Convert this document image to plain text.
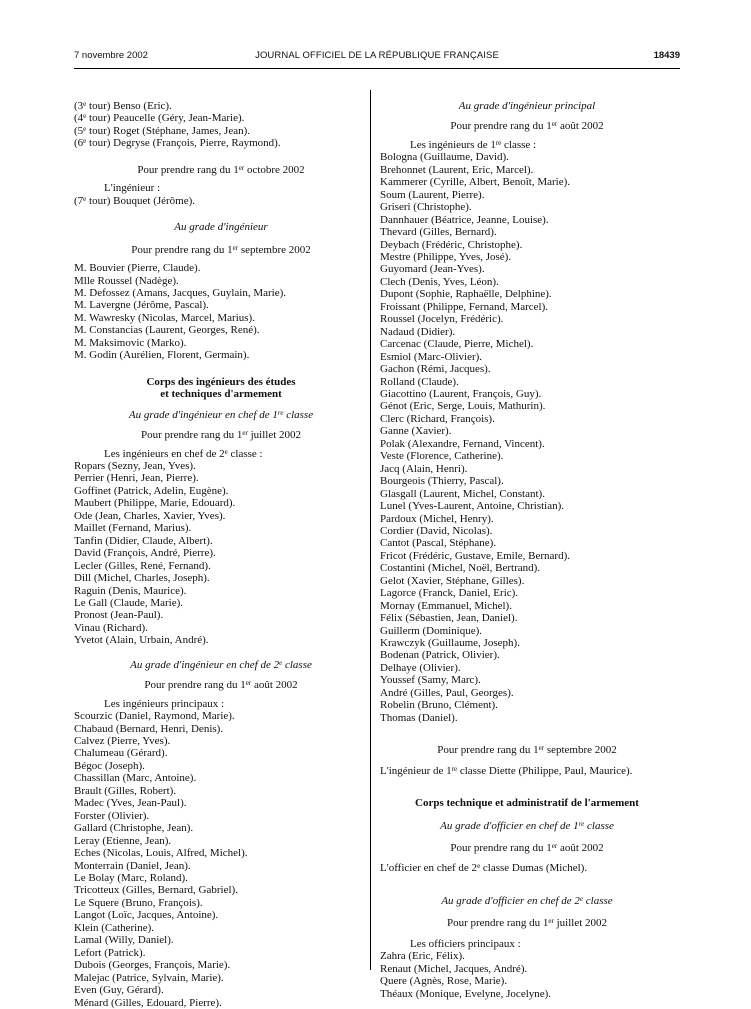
7 novembre 2002	JOURNAL OFFICIEL DE LA RÉPUBLIQUE FRANÇAISE	18439
(3e tour) Benso (Eric).
(4e tour) Peaucelle (Géry, Jean-Marie).
(5e tour) Roget (Stéphane, James, Jean).
(6e tour) Degryse (François, Pierre, Raymond).
Pour prendre rang du 1er octobre 2002
L'ingénieur :
(7e tour) Bouquet (Jérôme).
Au grade d'ingénieur
Pour prendre rang du 1er septembre 2002
M. Bouvier (Pierre, Claude).
Mlle Roussel (Nadège).
M. Defossez (Amans, Jacques, Guylain, Marie).
M. Lavergne (Jérôme, Pascal).
M. Wawresky (Nicolas, Marcel, Marius).
M. Constancias (Laurent, Georges, René).
M. Maksimovic (Marko).
M. Godin (Aurélien, Florent, Germain).
Corps des ingénieurs des études
et techniques d'armement
Au grade d'ingénieur en chef de 1re classe
Pour prendre rang du 1er juillet 2002
Les ingénieurs en chef de 2e classe :
Ropars (Sezny, Jean, Yves).
Perrier (Henri, Jean, Pierre).
Goffinet (Patrick, Adelin, Eugène).
Maubert (Philippe, Marie, Edouard).
Ode (Jean, Charles, Xavier, Yves).
Maillet (Fernand, Marius).
Tanfin (Didier, Claude, Albert).
David (François, André, Pierre).
Lecler (Gilles, René, Fernand).
Dill (Michel, Charles, Joseph).
Raguin (Denis, Maurice).
Le Gall (Claude, Marie).
Pronost (Jean-Paul).
Vinau (Richard).
Yvetot (Alain, Urbain, André).
Au grade d'ingénieur en chef de 2e classe
Pour prendre rang du 1er août 2002
Les ingénieurs principaux :
Scourzic (Daniel, Raymond, Marie).
Chabaud (Bernard, Henri, Denis).
Calvez (Pierre, Yves).
Chalumeau (Gérard).
Bégoc (Joseph).
Chassillan (Marc, Antoine).
Brault (Gilles, Robert).
Madec (Yves, Jean-Paul).
Forster (Olivier).
Gallard (Christophe, Jean).
Leray (Etienne, Jean).
Eches (Nicolas, Louis, Alfred, Michel).
Monterrain (Daniel, Jean).
Le Bolay (Marc, Roland).
Tricotteux (Gilles, Bernard, Gabriel).
Le Squere (Bruno, François).
Langot (Loïc, Jacques, Antoine).
Klein (Catherine).
Lamal (Willy, Daniel).
Lefort (Patrick).
Dubois (Georges, François, Marie).
Malejac (Patrice, Sylvain, Marie).
Even (Guy, Gérard).
Ménard (Gilles, Edouard, Pierre).
Au grade d'ingénieur principal
Pour prendre rang du 1er août 2002
Les ingénieurs de 1re classe :
Bologna (Guillaume, David).
Brehonnet (Laurent, Eric, Marcel).
Kammerer (Cyrille, Albert, Benoît, Marie).
Soum (Laurent, Pierre).
Griseri (Christophe).
Dannhauer (Béatrice, Jeanne, Louise).
Thevard (Gilles, Bernard).
Deybach (Frédéric, Christophe).
Mestre (Philippe, Yves, José).
Guyomard (Jean-Yves).
Clech (Denis, Yves, Léon).
Dupont (Sophie, Raphaëlle, Delphine).
Froissant (Philippe, Fernand, Marcel).
Roussel (Jocelyn, Frédéric).
Nadaud (Didier).
Carcenac (Claude, Pierre, Michel).
Esmiol (Marc-Olivier).
Gachon (Rémi, Jacques).
Rolland (Claude).
Giacottino (Laurent, François, Guy).
Génot (Eric, Serge, Louis, Mathurin).
Clerc (Richard, François).
Ganne (Xavier).
Polak (Alexandre, Fernand, Vincent).
Veste (Florence, Catherine).
Jacq (Alain, Henri).
Bourgeois (Thierry, Pascal).
Glasgall (Laurent, Michel, Constant).
Lunel (Yves-Laurent, Antoine, Christian).
Pardoux (Michel, Henry).
Cordier (David, Nicolas).
Cantot (Pascal, Stéphane).
Fricot (Frédéric, Gustave, Emile, Bernard).
Costantini (Michel, Noël, Bertrand).
Gelot (Xavier, Stéphane, Gilles).
Lagorce (Franck, Daniel, Eric).
Mornay (Emmanuel, Michel).
Félix (Sébastien, Jean, Daniel).
Guillerm (Dominique).
Krawczyk (Guillaume, Joseph).
Bodenan (Patrick, Olivier).
Delhaye (Olivier).
Youssef (Samy, Marc).
André (Gilles, Paul, Georges).
Robelin (Bruno, Clément).
Thomas (Daniel).
Pour prendre rang du 1er septembre 2002
L'ingénieur de 1re classe Diette (Philippe, Paul, Maurice).
Corps technique et administratif de l'armement
Au grade d'officier en chef de 1re classe
Pour prendre rang du 1er août 2002
L'officier en chef de 2e classe Dumas (Michel).
Au grade d'officier en chef de 2e classe
Pour prendre rang du 1er juillet 2002
Les officiers principaux :
Zahra (Eric, Félix).
Renaut (Michel, Jacques, André).
Quere (Agnès, Rose, Marie).
Théaux (Monique, Evelyne, Jocelyne).
